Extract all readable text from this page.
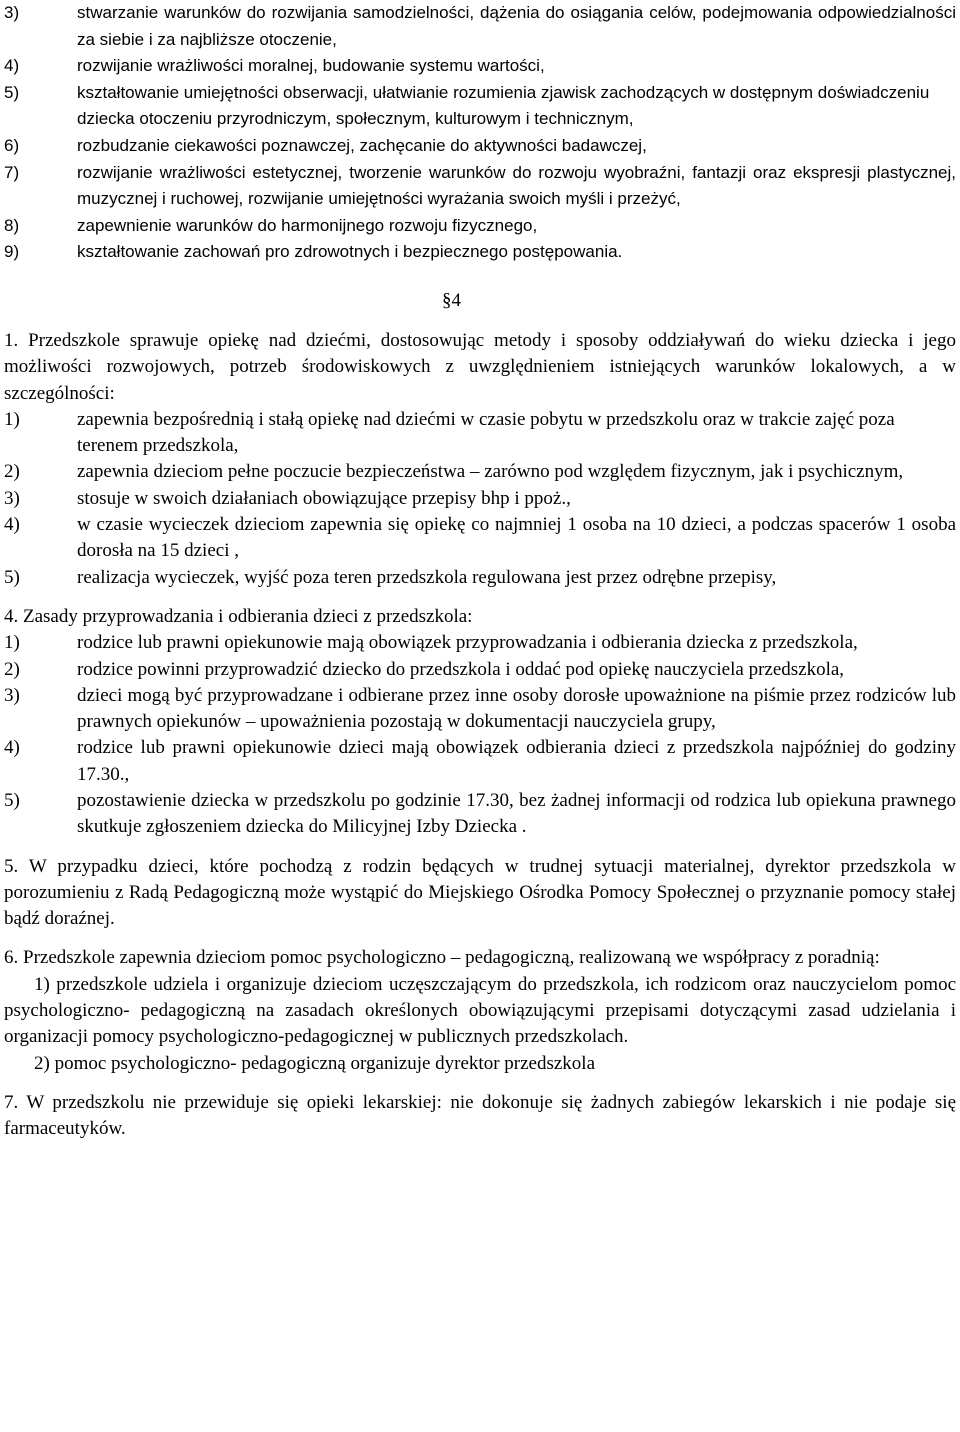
3)	stwarzanie warunków do rozwijania samodzielności, dążenia do osiągania celów, podejmowania odpowiedzialności za siebie i za najbliższe otoczenie,
4)	rozwijanie wrażliwości moralnej, budowanie systemu wartości,
5)	kształtowanie umiejętności obserwacji, ułatwianie rozumienia zjawisk zachodzących w dostępnym doświadczeniu dziecka otoczeniu przyrodniczym, społecznym, kulturowym i technicznym,
6)	rozbudzanie ciekawości poznawczej, zachęcanie do aktywności badawczej,
7)	rozwijanie wrażliwości estetycznej, tworzenie warunków do rozwoju wyobraźni, fantazji oraz ekspresji plastycznej, muzycznej i ruchowej, rozwijanie umiejętności wyrażania swoich myśli i przeżyć,
8)	zapewnienie warunków do harmonijnego rozwoju fizycznego,
9)	kształtowanie zachowań pro zdrowotnych i bezpiecznego postępowania.
§4
1. Przedszkole sprawuje opiekę nad dziećmi, dostosowując metody i sposoby oddziaływań do wieku dziecka i jego możliwości rozwojowych, potrzeb środowiskowych z uwzględnieniem istniejących warunków lokalowych, a w szczególności:
1)	zapewnia bezpośrednią i stałą opiekę nad dziećmi w czasie pobytu w przedszkolu oraz w trakcie zajęć poza terenem przedszkola,
2)	zapewnia dzieciom pełne poczucie bezpieczeństwa – zarówno pod względem fizycznym, jak i psychicznym,
3)	stosuje w swoich działaniach obowiązujące przepisy bhp i ppoż.,
4)	w czasie wycieczek dzieciom zapewnia się opiekę co najmniej 1 osoba na 10 dzieci, a podczas spacerów 1 osoba dorosła na 15 dzieci ,
5)	realizacja wycieczek, wyjść poza teren przedszkola regulowana jest przez odrębne przepisy,
4. Zasady przyprowadzania i odbierania dzieci z przedszkola:
1)	rodzice lub prawni opiekunowie mają obowiązek przyprowadzania i odbierania dziecka z przedszkola,
2)	rodzice powinni przyprowadzić dziecko do przedszkola i oddać pod opiekę nauczyciela przedszkola,
3)	dzieci mogą być przyprowadzane i odbierane przez inne osoby dorosłe upoważnione na piśmie przez rodziców lub prawnych opiekunów – upoważnienia pozostają w dokumentacji nauczyciela grupy,
4)	rodzice lub prawni opiekunowie dzieci mają obowiązek odbierania dzieci z przedszkola najpóźniej do godziny 17.30.,
5)	pozostawienie dziecka w przedszkolu po godzinie 17.30, bez żadnej informacji od rodzica lub opiekuna prawnego skutkuje zgłoszeniem dziecka do Milicyjnej Izby Dziecka .
5. W przypadku dzieci, które pochodzą z rodzin będących w trudnej sytuacji materialnej, dyrektor przedszkola w porozumieniu z Radą Pedagogiczną może wystąpić do Miejskiego Ośrodka Pomocy Społecznej o przyznanie pomocy stałej bądź doraźnej.
6. Przedszkole zapewnia dzieciom pomoc psychologiczno – pedagogiczną, realizowaną we współpracy z poradnią:
1) przedszkole udziela i organizuje dzieciom uczęszczającym do przedszkola, ich rodzicom oraz nauczycielom pomoc psychologiczno- pedagogiczną na zasadach określonych obowiązującymi przepisami dotyczącymi zasad udzielania i organizacji pomocy psychologiczno-pedagogicznej w publicznych przedszkolach.
2) pomoc psychologiczno- pedagogiczną organizuje dyrektor przedszkola
7. W przedszkolu nie przewiduje się opieki lekarskiej: nie dokonuje się żadnych zabiegów lekarskich i nie podaje się farmaceutyków.
